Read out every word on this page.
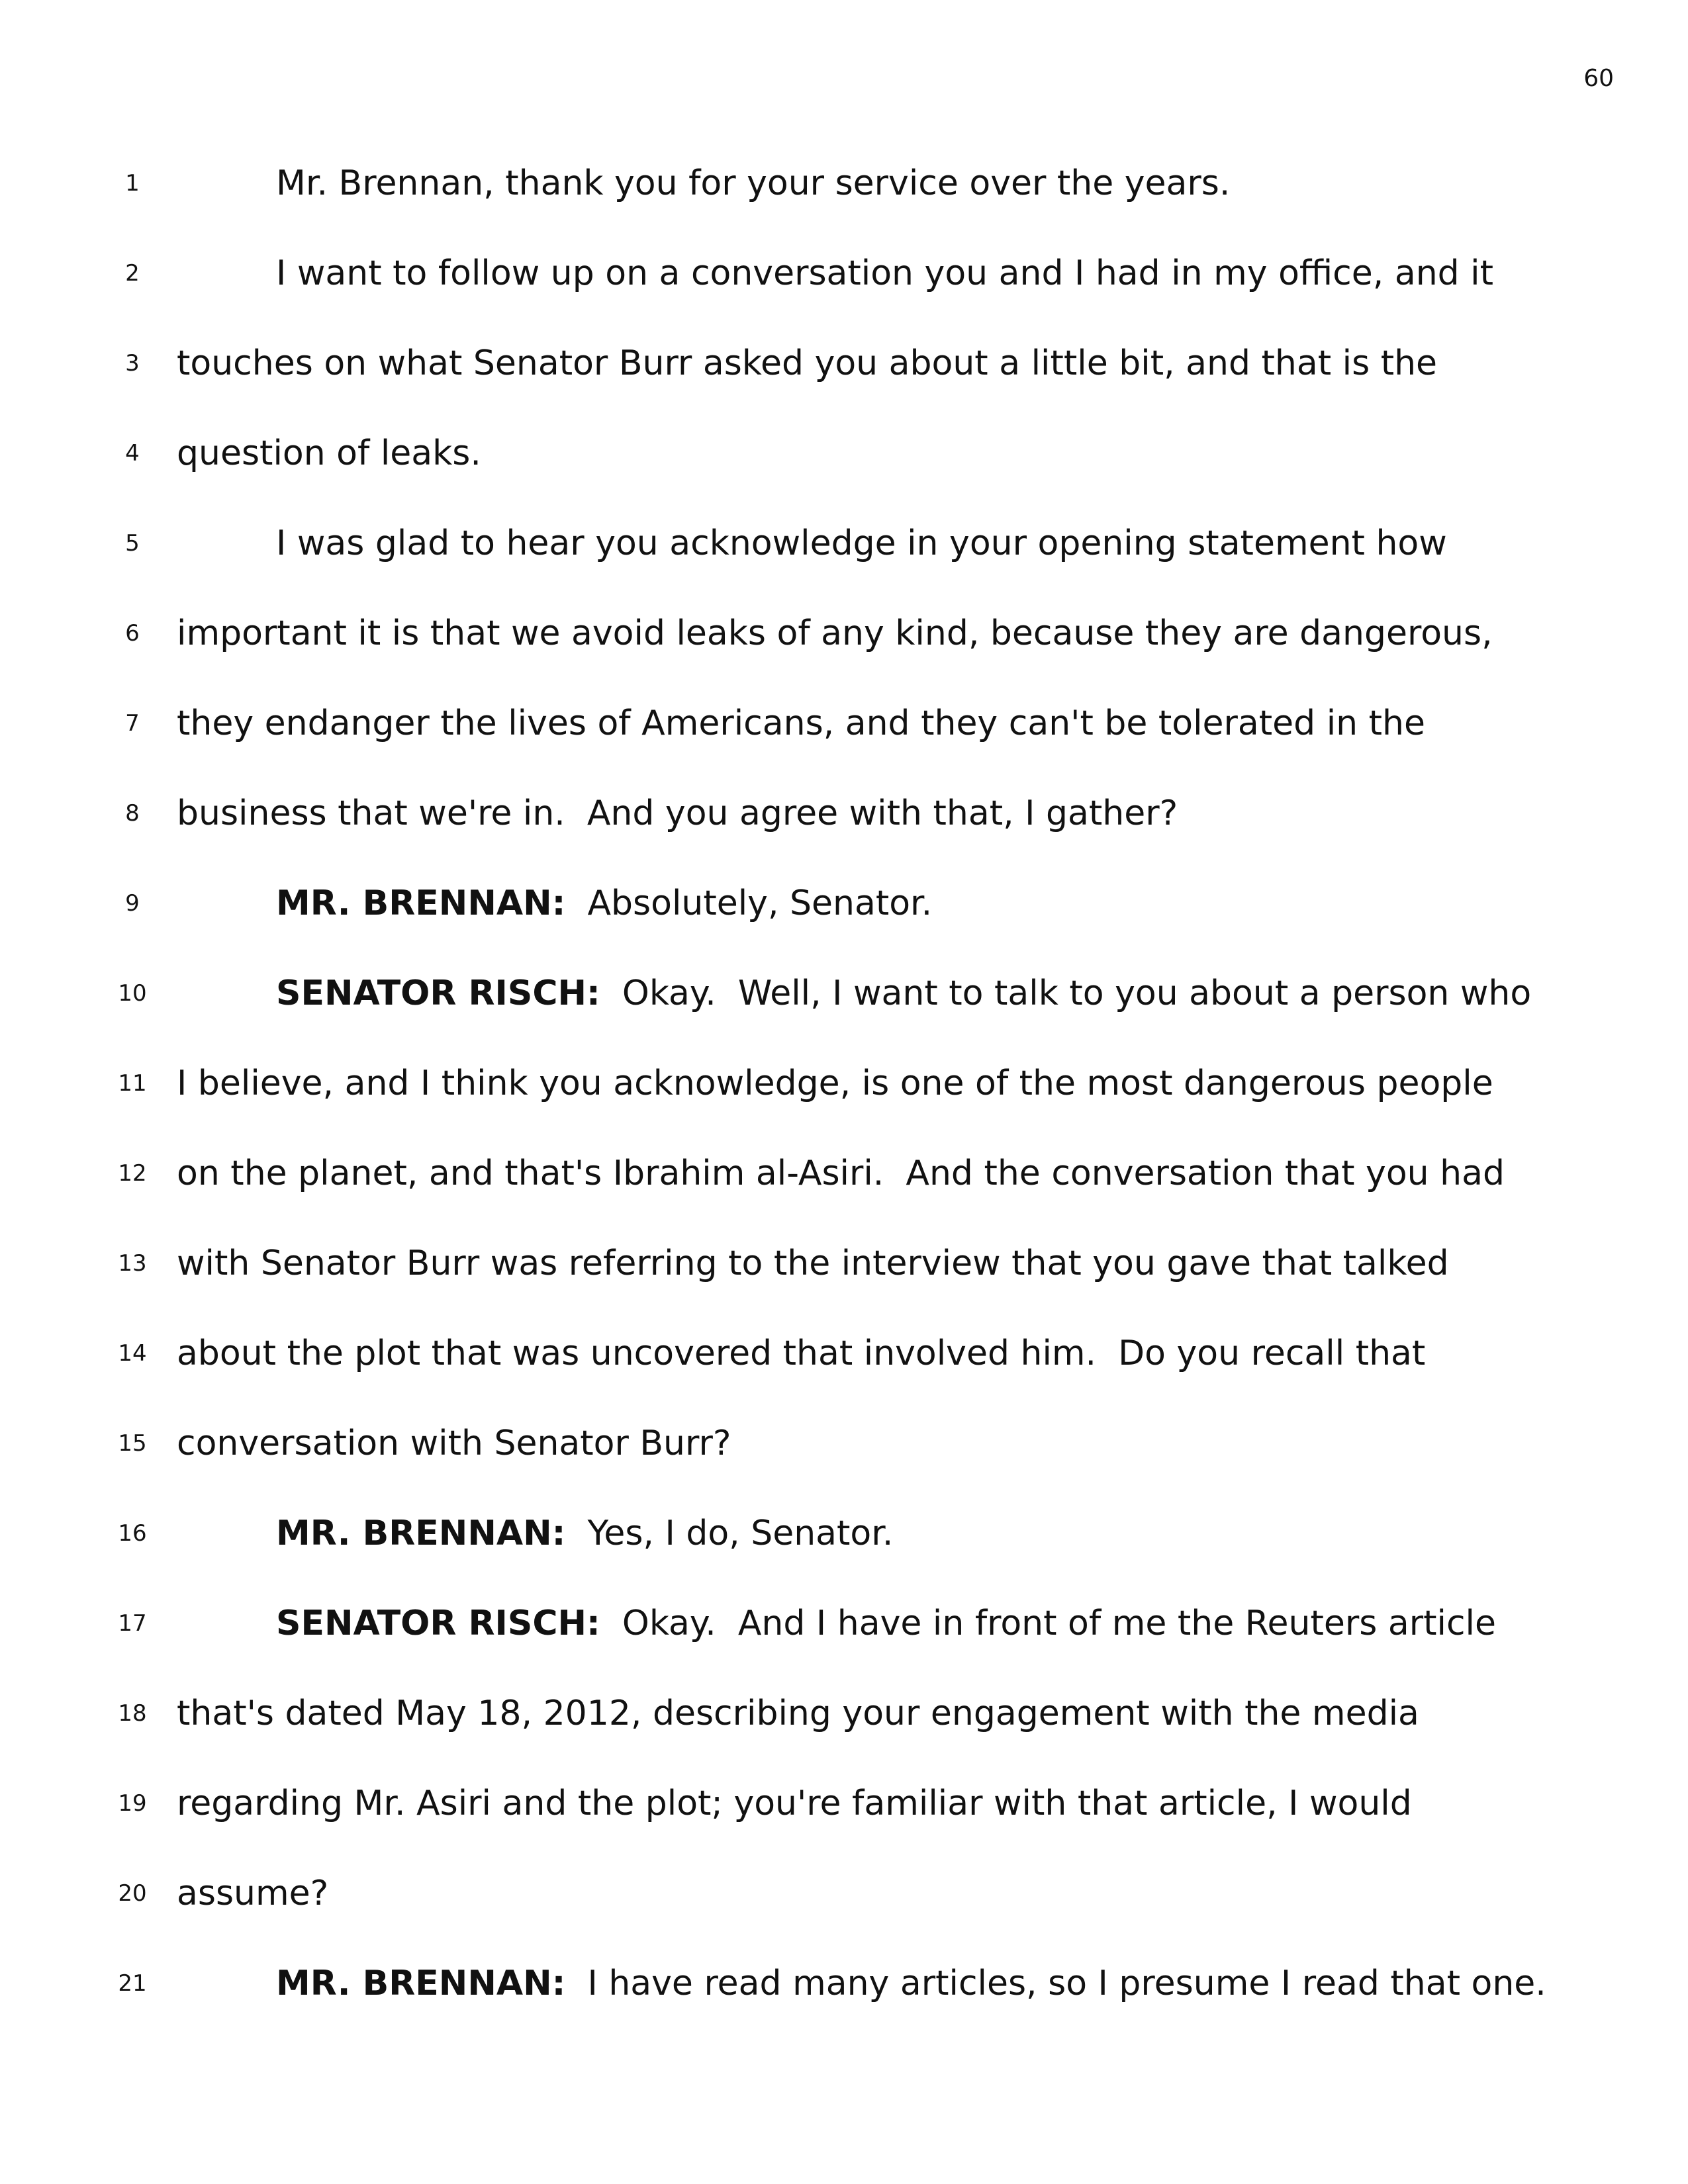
60
1	Mr. Brennan, thank you for your service over the years.
2	I want to follow up on a conversation you and I had in my office, and it
3	touches on what Senator Burr asked you about a little bit, and that is the
4	question of leaks.
5	I was glad to hear you acknowledge in your opening statement how
6	important it is that we avoid leaks of any kind, because they are dangerous,
7	they endanger the lives of Americans, and they can't be tolerated in the
8	business that we're in.  And you agree with that, I gather?
9	MR. BRENNAN:  Absolutely, Senator.
10	SENATOR RISCH:  Okay.  Well, I want to talk to you about a person who
11 I believe, and I think you acknowledge, is one of the most dangerous people
12 on the planet, and that's Ibrahim al-Asiri.  And the conversation that you had
13 with Senator Burr was referring to the interview that you gave that talked
14 about the plot that was uncovered that involved him.  Do you recall that
15 conversation with Senator Burr?
16	MR. BRENNAN:  Yes, I do, Senator.
17	SENATOR RISCH:  Okay.  And I have in front of me the Reuters article
18 that's dated May 18, 2012, describing your engagement with the media
19 regarding Mr. Asiri and the plot; you're familiar with that article, I would
20 assume?
21	MR. BRENNAN:  I have read many articles, so I presume I read that one.
